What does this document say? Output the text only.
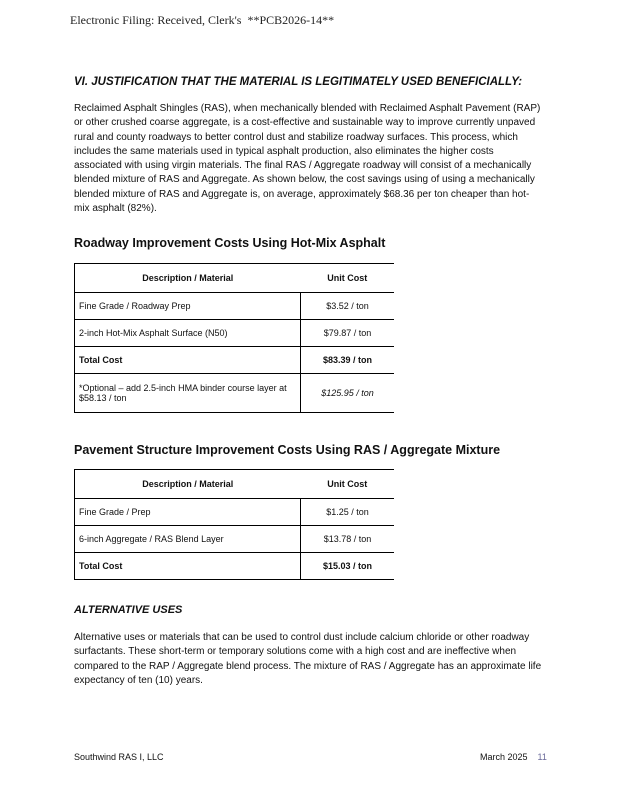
Electronic Filing: Received, Clerk's **PCB2026-14**
VI. JUSTIFICATION THAT THE MATERIAL IS LEGITIMATELY USED BENEFICIALLY:
Reclaimed Asphalt Shingles (RAS), when mechanically blended with Reclaimed Asphalt Pavement (RAP) or other crushed coarse aggregate, is a cost-effective and sustainable way to improve currently unpaved rural and county roadways to better control dust and stabilize roadway surfaces. This process, which includes the same materials used in typical asphalt production, also eliminates the higher costs associated with using virgin materials. The final RAS / Aggregate roadway will consist of a mechanically blended mixture of RAS and Aggregate. As shown below, the cost savings using of using a mechanically blended mixture of RAS and Aggregate is, on average, approximately $68.36 per ton cheaper than hot-mix asphalt (82%).
Roadway Improvement Costs Using Hot-Mix Asphalt
Description / Material	Unit Cost
Fine Grade / Roadway Prep	$3.52 / ton
2-inch Hot-Mix Asphalt Surface (N50)	$79.87 / ton
Total Cost	$83.39 / ton
*Optional – add 2.5-inch HMA binder course layer at $58.13 / ton	$125.95 / ton
Pavement Structure Improvement Costs Using RAS / Aggregate Mixture
Description / Material	Unit Cost
Fine Grade / Prep	$1.25 / ton
6-inch Aggregate / RAS Blend Layer	$13.78 / ton
Total Cost	$15.03 / ton
ALTERNATIVE USES
Alternative uses or materials that can be used to control dust include calcium chloride or other roadway surfactants. These short-term or temporary solutions come with a high cost and are ineffective when compared to the RAP / Aggregate blend process. The mixture of RAS / Aggregate has an approximate life expectancy of ten (10) years.
Southwind RAS I, LLC	March 2025 11
